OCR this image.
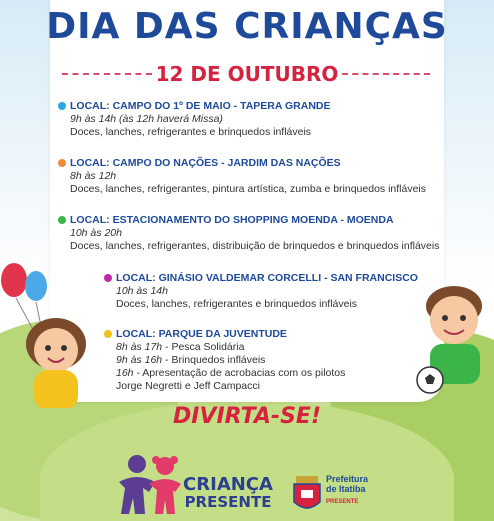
DIA DAS CRIANÇAS
12 DE OUTUBRO
LOCAL: CAMPO DO 1º DE MAIO - TAPERA GRANDE
9h às 14h (às 12h haverá Missa)
Doces, lanches, refrigerantes e brinquedos infláveis
LOCAL: CAMPO DO NAÇÕES - JARDIM DAS NAÇÕES
8h às 12h
Doces, lanches, refrigerantes, pintura artística, zumba e brinquedos infláveis
LOCAL: ESTACIONAMENTO DO SHOPPING MOENDA - MOENDA
10h às 20h
Doces, lanches, refrigerantes, distribuição de brinquedos e brinquedos infláveis
LOCAL: GINÁSIO VALDEMAR CORCELLI - SAN FRANCISCO
10h às 14h
Doces, lanches, refrigerantes e brinquedos infláveis
LOCAL: PARQUE DA JUVENTUDE
8h às 17h - Pesca Solidária
9h às 16h - Brinquedos infláveis
16h - Apresentação de acrobacias com os pilotos
Jorge Negretti e Jeff Campacci
DIVIRTA-SE!
CRIANÇA
PRESENTE
Prefeitura
de Itatiba
PRESENTE
